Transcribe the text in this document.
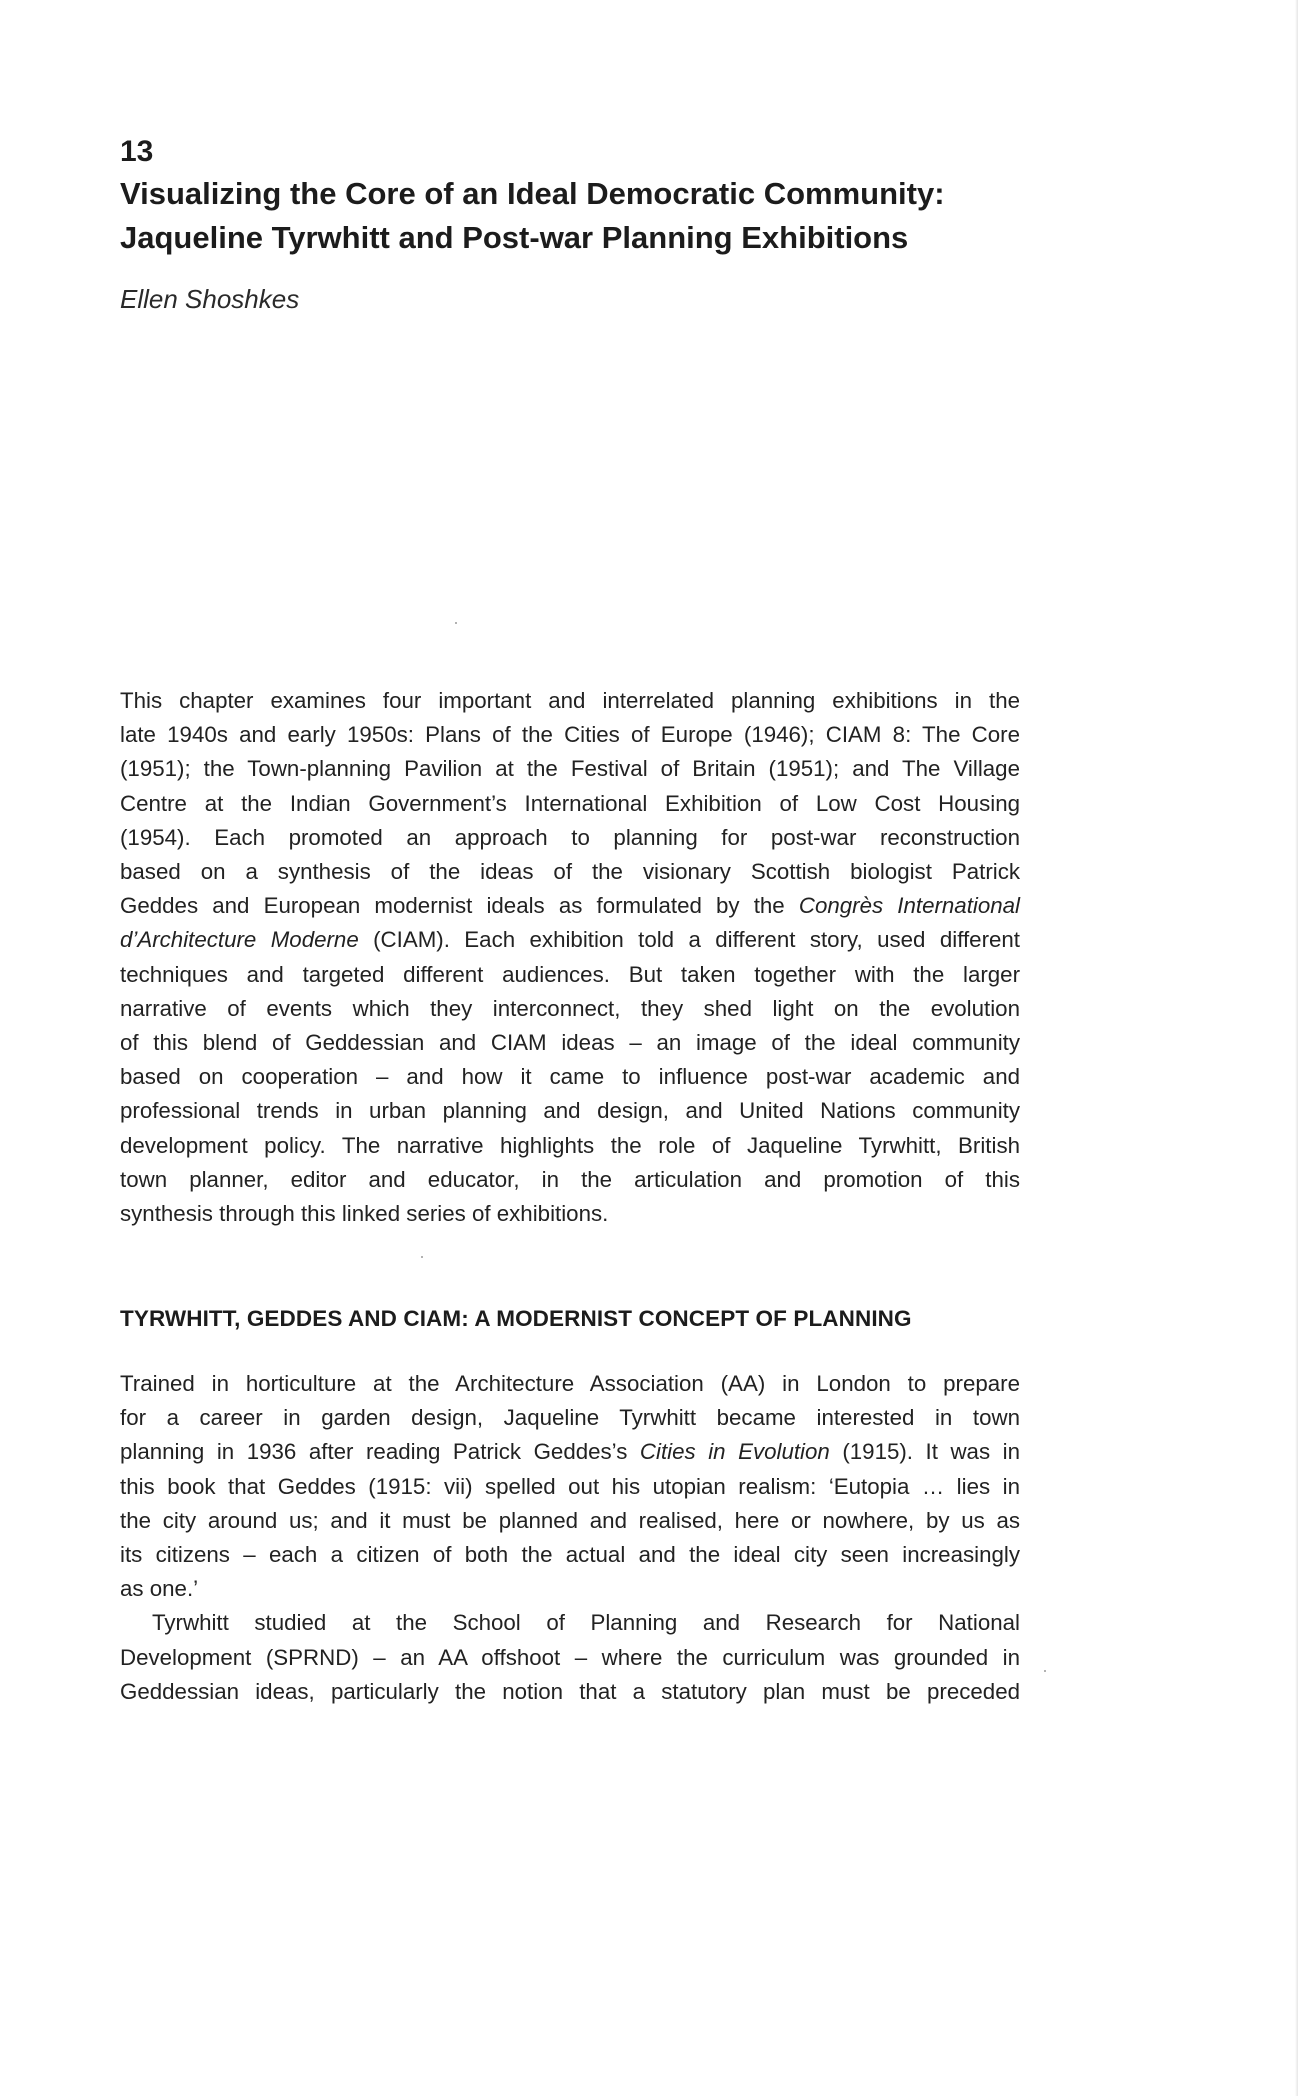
13
Visualizing the Core of an Ideal Democratic Community:
Jaqueline Tyrwhitt and Post-war Planning Exhibitions
Ellen Shoshkes
This chapter examines four important and interrelated planning exhibitions in the
late 1940s and early 1950s: Plans of the Cities of Europe (1946); CIAM 8: The Core
(1951); the Town-planning Pavilion at the Festival of Britain (1951); and The Village
Centre at the Indian Government’s International Exhibition of Low Cost Housing
(1954). Each promoted an approach to planning for post-war reconstruction
based on a synthesis of the ideas of the visionary Scottish biologist Patrick
Geddes and European modernist ideals as formulated by the Congrès International
d’Architecture Moderne (CIAM). Each exhibition told a different story, used different
techniques and targeted different audiences. But taken together with the larger
narrative of events which they interconnect, they shed light on the evolution
of this blend of Geddessian and CIAM ideas – an image of the ideal community
based on cooperation – and how it came to influence post-war academic and
professional trends in urban planning and design, and United Nations community
development policy. The narrative highlights the role of Jaqueline Tyrwhitt, British
town planner, editor and educator, in the articulation and promotion of this
synthesis through this linked series of exhibitions.
TYRWHITT, GEDDES AND CIAM: A MODERNIST CONCEPT OF PLANNING
Trained in horticulture at the Architecture Association (AA) in London to prepare
for a career in garden design, Jaqueline Tyrwhitt became interested in town
planning in 1936 after reading Patrick Geddes’s Cities in Evolution (1915). It was in
this book that Geddes (1915: vii) spelled out his utopian realism: ‘Eutopia … lies in
the city around us; and it must be planned and realised, here or nowhere, by us as
its citizens – each a citizen of both the actual and the ideal city seen increasingly
as one.’
Tyrwhitt studied at the School of Planning and Research for National
Development (SPRND) – an AA offshoot – where the curriculum was grounded in
Geddessian ideas, particularly the notion that a statutory plan must be preceded
